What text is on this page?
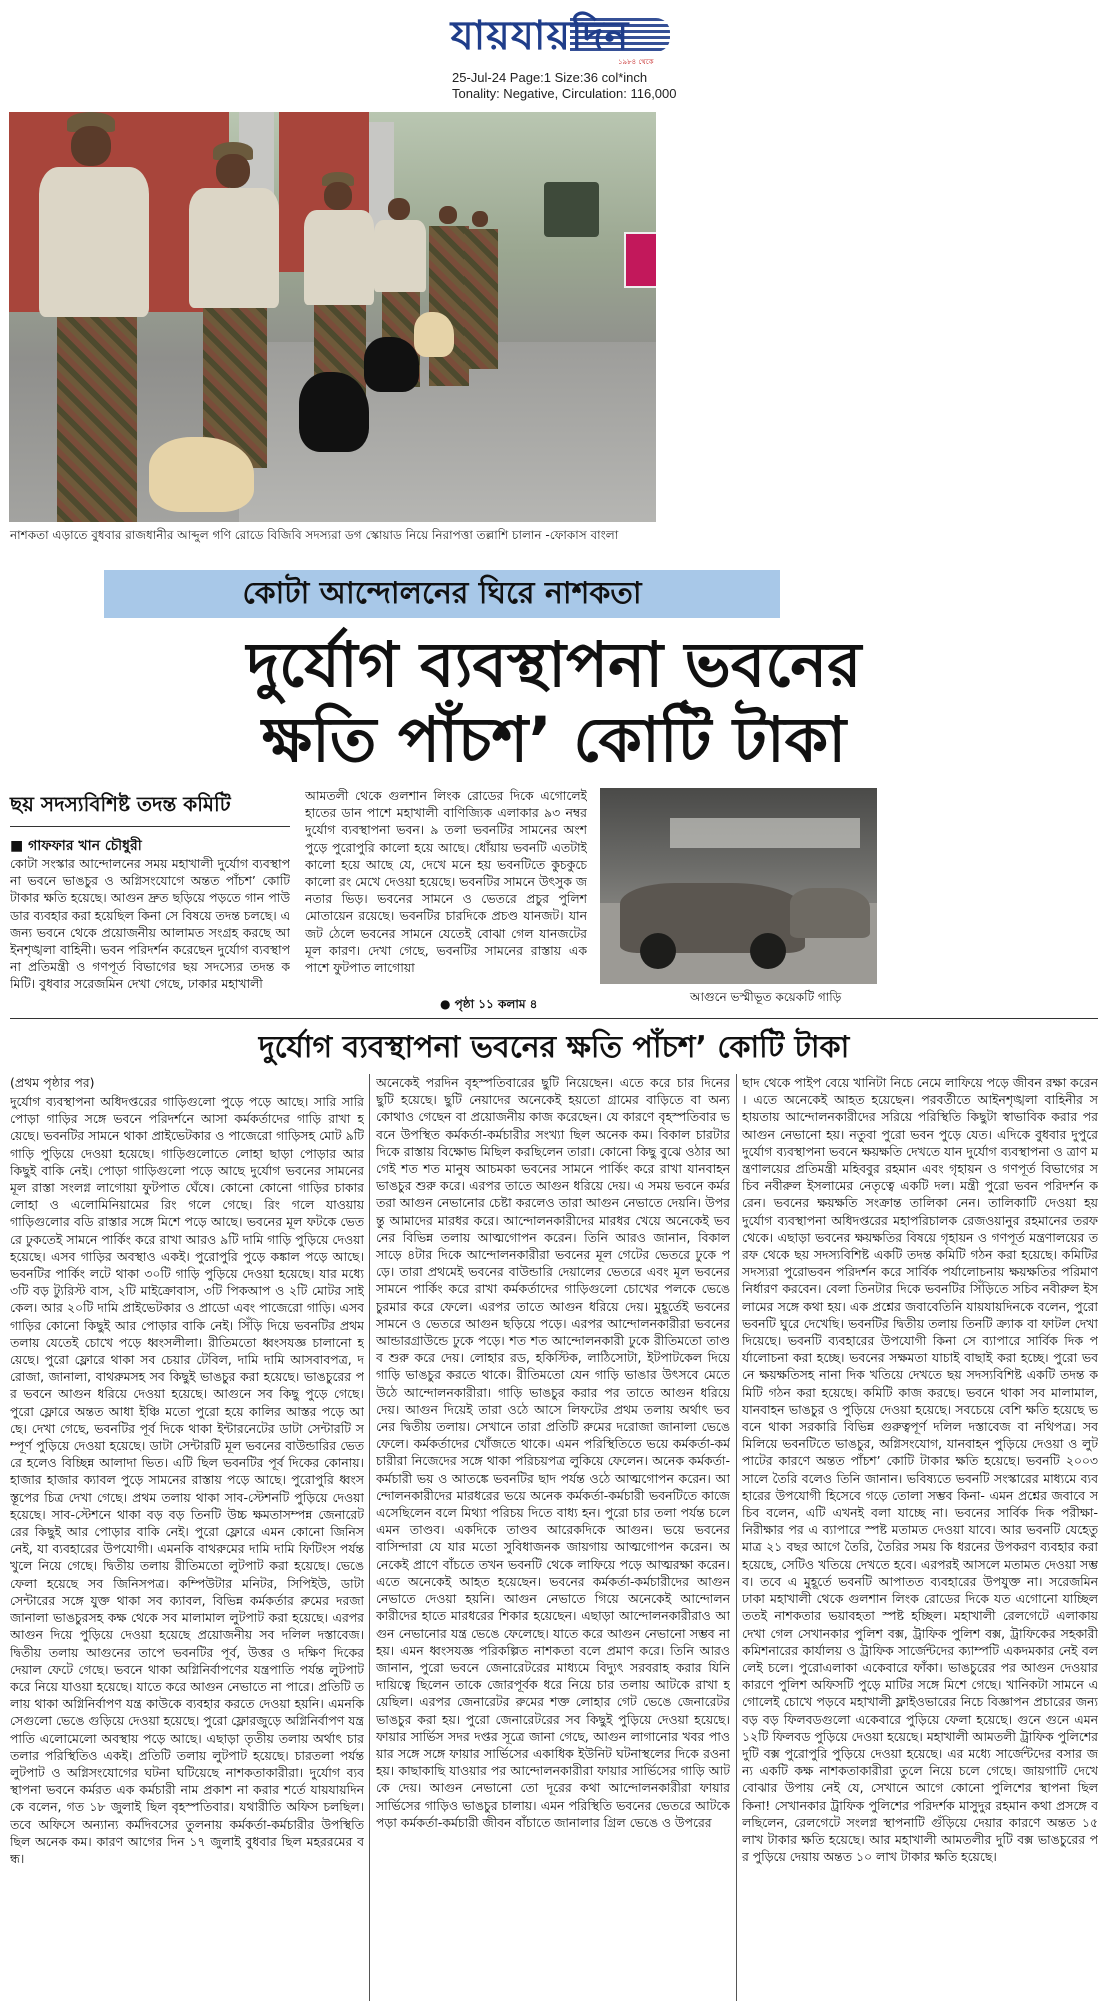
যায়যায়দিন
১৯৮৪ থেকে
25-Jul-24 Page:1 Size:36 col*inch
Tonality: Negative, Circulation: 116,000
নাশকতা এড়াতে বুধবার রাজধানীর আব্দুল গণি রোডে বিজিবি সদস্যরা ডগ স্কোয়াড নিয়ে নিরাপত্তা তল্লাশি চালান -ফোকাস বাংলা
কোটা আন্দোলনের ঘিরে নাশকতা
দুর্যোগ ব্যবস্থাপনা ভবনের
ক্ষতি পাঁচশ’ কোটি টাকা
ছয় সদস্যবিশিষ্ট তদন্ত কমিটি
■ গাফফার খান চৌধুরী
কোটা সংস্কার আন্দোলনের সময় মহাখালী দুর্যোগ ব্যবস্থাপনা ভবনে ভাঙচুর ও অগ্নিসংযোগে অন্তত পাঁচশ’ কোটি টাকার ক্ষতি হয়েছে। আগুন দ্রুত ছড়িয়ে পড়তে গান পাউডার ব্যবহার করা হয়েছিল কিনা সে বিষয়ে তদন্ত চলছে। এজন্য ভবনে থেকে প্রয়োজনীয় আলামত সংগ্রহ করছে আইনশৃঙ্খলা বাহিনী। ভবন পরিদর্শন করেছেন দুর্যোগ ব্যবস্থাপনা প্রতিমন্ত্রী ও গণপূর্ত বিভাগের ছয় সদস্যের তদন্ত কমিটি। বুধবার সরেজমিন দেখা গেছে, ঢাকার মহাখালী
আমতলী থেকে গুলশান লিংক রোডের দিকে এগোলেই হাতের ডান পাশে মহাখালী বাণিজ্যিক এলাকার ৯৩ নম্বর দুর্যোগ ব্যবস্থাপনা ভবন। ৯ তলা ভবনটির সামনের অংশ পুড়ে পুরোপুরি কালো হয়ে আছে। ধোঁয়ায় ভবনটি এতটাই কালো হয়ে আছে যে, দেখে মনে হয় ভবনটিতে কুচকুচে কালো রং মেখে দেওয়া হয়েছে। ভবনটির সামনে উৎসুক জনতার ভিড়। ভবনের সামনে ও ভেতরে প্রচুর পুলিশ মোতায়েন রয়েছে। ভবনটির চারদিকে প্রচণ্ড যানজট। যানজট ঠেলে ভবনের সামনে যেতেই বোঝা গেল যানজটের মূল কারণ। দেখা গেছে, ভবনটির সামনের রাস্তায় এক পাশে ফুটপাত লাগোয়া
● পৃষ্ঠা ১১ কলাম ৪	আগুনে ভস্মীভূত কয়েকটি গাড়ি
দুর্যোগ ব্যবস্থাপনা ভবনের ক্ষতি পাঁচশ’ কোটি টাকা
(প্রথম পৃষ্ঠার পর)
দুর্যোগ ব্যবস্থাপনা অধিদপ্তরের গাড়িগুলো পুড়ে পড়ে আছে। সারি সারি পোড়া গাড়ির সঙ্গে ভবনে পরিদর্শনে আসা কর্মকর্তাদের গাড়ি রাখা হয়েছে। ভবনটির সামনে থাকা প্রাইভেটকার ও পাজেরো গাড়িসহ মোট ৯টি গাড়ি পুড়িয়ে দেওয়া হয়েছে। গাড়িগুলোতে লোহা ছাড়া পোড়ার আর কিছুই বাকি নেই। পোড়া গাড়িগুলো পড়ে আছে দুর্যোগ ভবনের সামনের মূল রাস্তা সংলগ্ন লাগোয়া ফুটপাত ঘেঁষে। কোনো কোনো গাড়ির চাকার লোহা ও এলোমিনিয়ামের রিং গলে গেছে। রিং গলে যাওয়ায় গাড়িগুলোর বডি রাস্তার সঙ্গে মিশে পড়ে আছে। ভবনের মূল ফটকে ভেতরে ঢুকতেই সামনে পার্কিং করে রাখা আরও ৯টি দামি গাড়ি পুড়িয়ে দেওয়া হয়েছে। এসব গাড়ির অবস্থাও একই। পুরোপুরি পুড়ে কঙ্কাল পড়ে আছে। ভবনটির পার্কিং লটে থাকা ৩০টি গাড়ি পুড়িয়ে দেওয়া হয়েছে। যার মধ্যে ৩টি বড় ট্যুরিস্ট বাস, ২টি মাইক্রোবাস, ৩টি পিকআপ ও ২টি মোটর সাইকেল। আর ২০টি দামি প্রাইভেটকার ও প্রাডো এবং পাজেরো গাড়ি। এসব গাড়ির কোনো কিছুই আর পোড়ার বাকি নেই। সিঁড়ি দিয়ে ভবনটির প্রথম তলায় যেতেই চোখে পড়ে ধ্বংসলীলা। রীতিমতো ধ্বংসযজ্ঞ চালানো হয়েছে। পুরো ফ্লোরে থাকা সব চেয়ার টেবিল, দামি দামি আসবাবপত্র, দরোজা, জানালা, বাথরুমসহ সব কিছুই ভাঙচুর করা হয়েছে। ভাঙচুরের পর ভবনে আগুন ধরিয়ে দেওয়া হয়েছে। আগুনে সব কিছু পুড়ে গেছে। পুরো ফ্লোরে অন্তত আধা ইঞ্চি মতো পুরো হয়ে কালির আস্তর পড়ে আছে। দেখা গেছে, ভবনটির পূর্ব দিকে থাকা ইন্টারনেটের ডাটা সেন্টারটি সম্পূর্ণ পুড়িয়ে দেওয়া হয়েছে। ডাটা সেন্টারটি মূল ভবনের বাউন্ডারির ভেতরে হলেও বিচ্ছিন্ন আলাদা ভিত। এটি ছিল ভবনটির পূর্ব দিকের কোনায়। হাজার হাজার ক্যাবল পুড়ে সামনের রাস্তায় পড়ে আছে। পুরোপুরি ধ্বংসস্তূপের চিত্র দেখা গেছে। প্রথম তলায় থাকা সাব-স্টেশনটি পুড়িয়ে দেওয়া হয়েছে। সাব-স্টেশনে থাকা বড় বড় তিনটি উচ্চ ক্ষমতাসম্পন্ন জেনারেটরের কিছুই আর পোড়ার বাকি নেই। পুরো ফ্লোরে এমন কোনো জিনিস নেই, যা ব্যবহারের উপযোগী। এমনকি বাথরুমের দামি দামি ফিটিংস পর্যন্ত খুলে নিয়ে গেছে। দ্বিতীয় তলায় রীতিমতো লুটপাট করা হয়েছে। ভেঙে ফেলা হয়েছে সব জিনিসপত্র। কম্পিউটার মনিটর, সিপিইউ, ডাটা সেন্টারের সঙ্গে যুক্ত থাকা সব ক্যাবল, বিভিন্ন কর্মকর্তার রুমের দরজা জানালা ভাঙচুরসহ কক্ষ থেকে সব মালামাল লুটপাট করা হয়েছে। এরপর আগুন দিয়ে পুড়িয়ে দেওয়া হয়েছে প্রয়োজনীয় সব দলিল দস্তাবেজ। দ্বিতীয় তলায় আগুনের তাপে ভবনটির পূর্ব, উত্তর ও দক্ষিণ দিকের দেয়াল ফেটে গেছে। ভবনে থাকা অগ্নিনির্বাপণের যন্ত্রপাতি পর্যন্ত লুটপাট করে নিয়ে যাওয়া হয়েছে। যাতে করে আগুন নেভাতে না পারে। প্রতিটি তলায় থাকা অগ্নিনির্বাপণ যন্ত্র কাউকে ব্যবহার করতে দেওয়া হয়নি। এমনকি সেগুলো ভেঙে গুড়িয়ে দেওয়া হয়েছে। পুরো ফ্লোরজুড়ে অগ্নিনির্বাপণ যন্ত্রপাতি এলোমেলো অবস্থায় পড়ে আছে। এছাড়া তৃতীয় তলায় অর্থাৎ চার তলার পরিস্থিতিও একই। প্রতিটি তলায় লুটপাট হয়েছে। চারতলা পর্যন্ত লুটপাট ও অগ্নিসংযোগের ঘটনা ঘটিয়েছে নাশকতাকারীরা। দুর্যোগ ব্যবস্থাপনা ভবনে কর্মরত এক কর্মচারী নাম প্রকাশ না করার শর্তে যায়যায়দিনকে বলেন, গত ১৮ জুলাই ছিল বৃহস্পতিবার। যথারীতি অফিস চলছিল। তবে অফিসে অন্যান্য কর্মদিবসের তুলনায় কর্মকর্তা-কর্মচারীর উপস্থিতি ছিল অনেক কম। কারণ আগের দিন ১৭ জুলাই বুধবার ছিল মহররমের বন্ধ।
অনেকেই পরদিন বৃহস্পতিবারের ছুটি নিয়েছেন। এতে করে চার দিনের ছুটি হয়েছে। ছুটি নেয়াদের অনেকেই হয়তো গ্রামের বাড়িতে বা অন্য কোথাও গেছেন বা প্রয়োজনীয় কাজ করেছেন। যে কারণে বৃহস্পতিবার ভবনে উপস্থিত কর্মকর্তা-কর্মচারীর সংখ্যা ছিল অনেক কম। বিকাল চারটার দিকে রাস্তায় বিক্ষোভ মিছিল করছিলেন তারা। কোনো কিছু বুঝে ওঠার আগেই শত শত মানুষ আচমকা ভবনের সামনে পার্কিং করে রাখা যানবাহন ভাঙচুর শুরু করে। এরপর তাতে আগুন ধরিয়ে দেয়। এ সময় ভবনে কর্মরতরা আগুন নেভানোর চেষ্টা করলেও তারা আগুন নেভাতে দেয়নি। উপরন্তু আমাদের মারধর করে। আন্দোলনকারীদের মারধর খেয়ে অনেকেই ভবনের বিভিন্ন তলায় আত্মগোপন করেন। তিনি আরও জানান, বিকাল সাড়ে ৪টার দিকে আন্দোলনকারীরা ভবনের মূল গেটের ভেতরে ঢুকে পড়ে। তারা প্রথমেই ভবনের বাউন্ডারি দেয়ালের ভেতরে এবং মূল ভবনের সামনে পার্কিং করে রাখা কর্মকর্তাদের গাড়িগুলো চোখের পলকে ভেঙে চুরমার করে ফেলে। এরপর তাতে আগুন ধরিয়ে দেয়। মুহূর্তেই ভবনের সামনে ও ভেতরে আগুন ছড়িয়ে পড়ে। এরপর আন্দোলনকারীরা ভবনের আন্ডারগ্রাউন্ডে ঢুকে পড়ে। শত শত আন্দোলনকারী ঢুকে রীতিমতো তাণ্ডব শুরু করে দেয়। লোহার রড, হকিস্টিক, লাঠিসোটা, ইটপাটকেল দিয়ে গাড়ি ভাঙচুর করতে থাকে। রীতিমতো যেন গাড়ি ভাঙার উৎসবে মেতে উঠে আন্দোলনকারীরা। গাড়ি ভাঙচুর করার পর তাতে আগুন ধরিয়ে দেয়। আগুন দিয়েই তারা ওঠে আসে লিফটের প্রথম তলায় অর্থাৎ ভবনের দ্বিতীয় তলায়। সেখানে তারা প্রতিটি রুমের দরোজা জানালা ভেঙে ফেলে। কর্মকর্তাদের খোঁজতে থাকে। এমন পরিস্থিতিতে ভয়ে কর্মকর্তা-কর্মচারীরা নিজেদের সঙ্গে থাকা পরিচয়পত্র লুকিয়ে ফেলেন। অনেক কর্মকর্তা-কর্মচারী ভয় ও আতঙ্কে ভবনটির ছাদ পর্যন্ত ওঠে আত্মগোপন করেন। আন্দোলনকারীদের মারধরের ভয়ে অনেক কর্মকর্তা-কর্মচারী ভবনটিতে কাজে এসেছিলেন বলে মিথ্যা পরিচয় দিতে বাধ্য হন। পুরো চার তলা পর্যন্ত চলে এমন তাণ্ডব। একদিকে তাণ্ডব আরেকদিকে আগুন। ভয়ে ভবনের বাসিন্দারা যে যার মতো সুবিধাজনক জায়গায় আত্মগোপন করেন। অনেকেই প্রাণে বাঁচতে তখন ভবনটি থেকে লাফিয়ে পড়ে আত্মরক্ষা করেন। এতে অনেকেই আহত হয়েছেন। ভবনের কর্মকর্তা-কর্মচারীদের আগুন নেভাতে দেওয়া হয়নি। আগুন নেভাতে গিয়ে অনেকেই আন্দোলনকারীদের হাতে মারধরের শিকার হয়েছেন। এছাড়া আন্দোলনকারীরাও আগুন নেভানোর যন্ত্র ভেঙে ফেলেছে। যাতে করে আগুন নেভানো সম্ভব না হয়। এমন ধ্বংসযজ্ঞ পরিকল্পিত নাশকতা বলে প্রমাণ করে। তিনি আরও জানান, পুরো ভবনে জেনারেটরের মাধ্যমে বিদ্যুৎ সরবরাহ করার যিনি দায়িত্বে ছিলেন তাকে জোরপূর্বক ধরে নিয়ে চার তলায় আটকে রাখা হয়েছিল। এরপর জেনারেটর রুমের শক্ত লোহার গেট ভেঙে জেনারেটর ভাঙচুর করা হয়। পুরো জেনারেটরের সব কিছুই পুড়িয়ে দেওয়া হয়েছে। ফায়ার সার্ভিস সদর দপ্তর সূত্রে জানা গেছে, আগুন লাগানোর খবর পাওয়ার সঙ্গে সঙ্গে ফায়ার সার্ভিসের একাধিক ইউনিট ঘটনাস্থলের দিকে রওনা হয়। কাছাকাছি যাওয়ার পর আন্দোলনকারীরা ফায়ার সার্ভিসের গাড়ি আটকে দেয়। আগুন নেভানো তো দূরের কথা আন্দোলনকারীরা ফায়ার সার্ভিসের গাড়িও ভাঙচুর চালায়। এমন পরিস্থিতি ভবনের ভেতরে আটকে পড়া কর্মকর্তা-কর্মচারী জীবন বাঁচাতে জানালার গ্রিল ভেঙে ও উপরের
ছাদ থেকে পাইপ বেয়ে খানিটা নিচে নেমে লাফিয়ে পড়ে জীবন রক্ষা করেন। এতে অনেকেই আহত হয়েছেন। পরবর্তীতে আইনশৃঙ্খলা বাহিনীর সহায়তায় আন্দোলনকারীদের সরিয়ে পরিস্থিতি কিছুটা স্বাভাবিক করার পর আগুন নেভানো হয়। নতুবা পুরো ভবন পুড়ে যেত। এদিকে বুধবার দুপুরে দুর্যোগ ব্যবস্থাপনা ভবনে ক্ষয়ক্ষতি দেখতে যান দুর্যোগ ব্যবস্থাপনা ও ত্রাণ মন্ত্রণালয়ের প্রতিমন্ত্রী মহিববুর রহমান এবং গৃহায়ন ও গণপূর্ত বিভাগের সচিব নবীরুল ইসলামের নেতৃত্বে একটি দল। মন্ত্রী পুরো ভবন পরিদর্শন করেন। ভবনের ক্ষয়ক্ষতি সংক্রান্ত তালিকা নেন। তালিকাটি দেওয়া হয় দুর্যোগ ব্যবস্থাপনা অধিদপ্তরের মহাপরিচালক রেজওয়ানুর রহমানের তরফ থেকে। এছাড়া ভবনের ক্ষয়ক্ষতির বিষয়ে গৃহায়ন ও গণপূর্ত মন্ত্রণালয়ের তরফ থেকে ছয় সদস্যবিশিষ্ট একটি তদন্ত কমিটি গঠন করা হয়েছে। কমিটির সদস্যরা পুরোভবন পরিদর্শন করে সার্বিক পর্যালোচনায় ক্ষয়ক্ষতির পরিমাণ নির্ধারণ করবেন। বেলা তিনটার দিকে ভবনটির সিঁড়িতে সচিব নবীরুল ইসলামের সঙ্গে কথা হয়। এক প্রশ্নের জবাবেতিনি যায়যায়দিনকে বলেন, পুরো ভবনটি ঘুরে দেখেছি। ভবনটির দ্বিতীয় তলায় তিনটি ক্র্যাক বা ফাটল দেখা দিয়েছে। ভবনটি ব্যবহারের উপযোগী কিনা সে ব্যাপারে সার্বিক দিক পর্যালোচনা করা হচ্ছে। ভবনের সক্ষমতা যাচাই বাছাই করা হচ্ছে। পুরো ভবনে ক্ষয়ক্ষতিসহ নানা দিক খতিয়ে দেখতে ছয় সদস্যবিশিষ্ট একটি তদন্ত কমিটি গঠন করা হয়েছে। কমিটি কাজ করছে। ভবনে থাকা সব মালামাল, যানবাহন ভাঙচুর ও পুড়িয়ে দেওয়া হয়েছে। সবচেয়ে বেশি ক্ষতি হয়েছে ভবনে থাকা সরকারি বিভিন্ন গুরুত্বপূর্ণ দলিল দস্তাবেজ বা নথিপত্র। সবমিলিয়ে ভবনটিতে ভাঙচুর, অগ্নিসংযোগ, যানবাহন পুড়িয়ে দেওয়া ও লুটপাটের কারণে অন্তত পাঁচশ’ কোটি টাকার ক্ষতি হয়েছে। ভবনটি ২০০৩ সালে তৈরি বলেও তিনি জানান। ভবিষ্যতে ভবনটি সংস্কারের মাধ্যমে ব্যবহারের উপযোগী হিসেবে গড়ে তোলা সম্ভব কিনা- এমন প্রশ্নের জবাবে সচিব বলেন, এটি এখনই বলা যাচ্ছে না। ভবনের সার্বিক দিক পরীক্ষা-নিরীক্ষার পর এ ব্যাপারে স্পষ্ট মতামত দেওয়া যাবে। আর ভবনটি যেহেতু মাত্র ২১ বছর আগে তৈরি, তৈরির সময় কি ধরনের উপকরণ ব্যবহার করা হয়েছে, সেটিও খতিয়ে দেখতে হবে। এরপরই আসলে মতামত দেওয়া সম্ভব। তবে এ মুহূর্তে ভবনটি আপাতত ব্যবহারের উপযুক্ত না। সরেজমিন ঢাকা মহাখালী থেকে গুলশান লিংক রোডের দিকে যত এগোনো যাচ্ছিল ততই নাশকতার ভয়াবহতা স্পষ্ট হচ্ছিল। মহাখালী রেলগেটে এলাকায় দেখা গেল সেখানকার পুলিশ বক্স, ট্রাফিক পুলিশ বক্স, ট্রাফিকের সহকারী কমিশনারের কার্যালয় ও ট্রাফিক সার্জেন্টদের ক্যাম্পটি একদমকার নেই বললেই চলে। পুরোএলাকা একেবারে ফাঁকা। ভাঙচুরের পর আগুন দেওয়ার কারণে পুলিশ অফিসটি পুড়ে মাটির সঙ্গে মিশে গেছে। খানিকটা সামনে এগোলেই চোখে পড়বে মহাখালী ফ্লাইওভারের নিচে বিজ্ঞাপন প্রচারের জন্য বড় বড় ফিলবডগুলো একেবারে পুড়িয়ে ফেলা হয়েছে। গুনে গুনে এমন ১২টি ফিলবড পুড়িয়ে দেওয়া হয়েছে। মহাখালী আমতলী ট্রাফিক পুলিশের দুটি বক্স পুরোপুরি পুড়িয়ে দেওয়া হয়েছে। এর মধ্যে সার্জেন্টদের বসার জন্য একটি কক্ষ নাশকতাকারীরা তুলে নিয়ে চলে গেছে। জায়গাটি দেখে বোঝার উপায় নেই যে, সেখানে আগে কোনো পুলিশের স্থাপনা ছিল কিনা! সেখানকার ট্রাফিক পুলিশের পরিদর্শক মাসুদুর রহমান কথা প্রসঙ্গে বলছিলেন, রেলগেটে সংলগ্ন স্থাপনাটি গুঁড়িয়ে দেয়ার কারণে অন্তত ১৫ লাখ টাকার ক্ষতি হয়েছে। আর মহাখালী আমতলীর দুটি বক্স ভাঙচুরের পর পুড়িয়ে দেয়ায় অন্তত ১০ লাখ টাকার ক্ষতি হয়েছে।
